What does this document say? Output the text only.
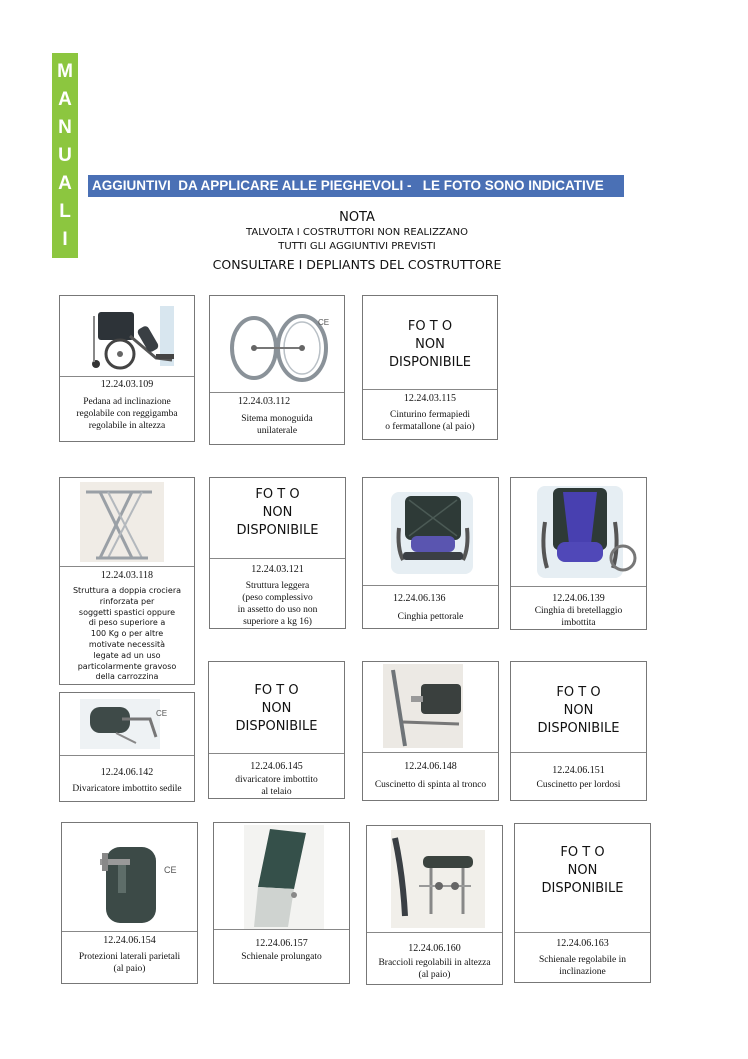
M
A
N
U
A
L
I
AGGIUNTIVI  DA APPLICARE ALLE PIEGHEVOLI -   LE FOTO SONO INDICATIVE
NOTA
TALVOLTA I COSTRUTTORI NON REALIZZANO
TUTTI GLI AGGIUNTIVI PREVISTI
CONSULTARE I DEPLIANTS DEL COSTRUTTORE
12.24.03.109
Pedana ad inclinazione
regolabile con reggigamba
regolabile in altezza
CE
12.24.03.112
Sitema monoguida
unilaterale
FO T O
NON
DISPONIBILE
12.24.03.115
Cinturino fermapiedi
o fermatallone (al paio)
12.24.03.118
Struttura a doppia crociera
rinforzata per
soggetti spastici oppure
di peso superiore a
100 Kg o per altre
motivate necessità
legate ad un uso
particolarmente gravoso
della carrozzina
FO T O
NON
DISPONIBILE
12.24.03.121
Struttura leggera
(peso complessivo
in assetto do uso non
superiore a kg 16)
12.24.06.136
Cinghia pettorale
12.24.06.139
Cinghia di bretellaggio
imbottita
CE
12.24.06.142
Divaricatore imbottito sedile
FO T O
NON
DISPONIBILE
12.24.06.145
divaricatore imbottito
al telaio
12.24.06.148
Cuscinetto di spinta al tronco
FO T O
NON
DISPONIBILE
12.24.06.151
Cuscinetto per lordosi
CE
12.24.06.154
Protezioni laterali parietali
(al paio)
12.24.06.157
Schienale prolungato
12.24.06.160
Braccioli regolabili in altezza
(al paio)
FO T O
NON
DISPONIBILE
12.24.06.163
Schienale regolabile in
inclinazione
